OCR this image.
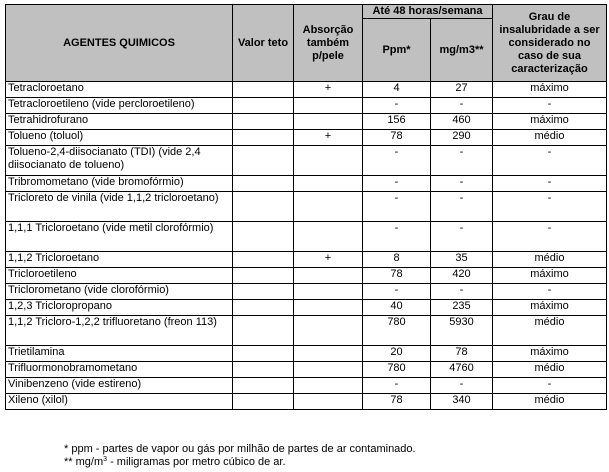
AGENTES QUIMICOS	Valor teto	Absorção também p/pele	Até 48 horas/semana		Grau de insalubridade a ser considerado no caso de sua caracterização
			Ppm*	mg/m3**	
Tetracloroetano		+	4	27	máximo
Tetracloroetileno (vide percloroetileno)			-	-	-
Tetrahidrofurano			156	460	máximo
Tolueno (toluol)		+	78	290	médio
Tolueno-2,4-diisocianato (TDI) (vide 2,4 diisocianato de tolueno)			-	-	-
Tribromometano (vide bromofórmio)			-	-	-
Tricloreto de vinila (vide 1,1,2 tricloroetano)			-	-	-
1,1,1 Tricloroetano (vide metil clorofórmio)			-	-	-
1,1,2 Tricloroetano		+	8	35	médio
Tricloroetileno			78	420	máximo
Triclorometano (vide clorofórmio)			-	-	-
1,2,3 Tricloropropano			40	235	máximo
1,1,2 Tricloro-1,2,2 trifluoretano (freon 113)			780	5930	médio
Trietilamina			20	78	máximo
Trifluormonobramometano			780	4760	médio
Vinibenzeno (vide estireno)			-	-	-
Xileno (xilol)			78	340	médio
* ppm - partes de vapor ou gás por milhão de partes de ar contaminado.
** $mg/m^3$ - miligramas por metro cúbico de ar.
